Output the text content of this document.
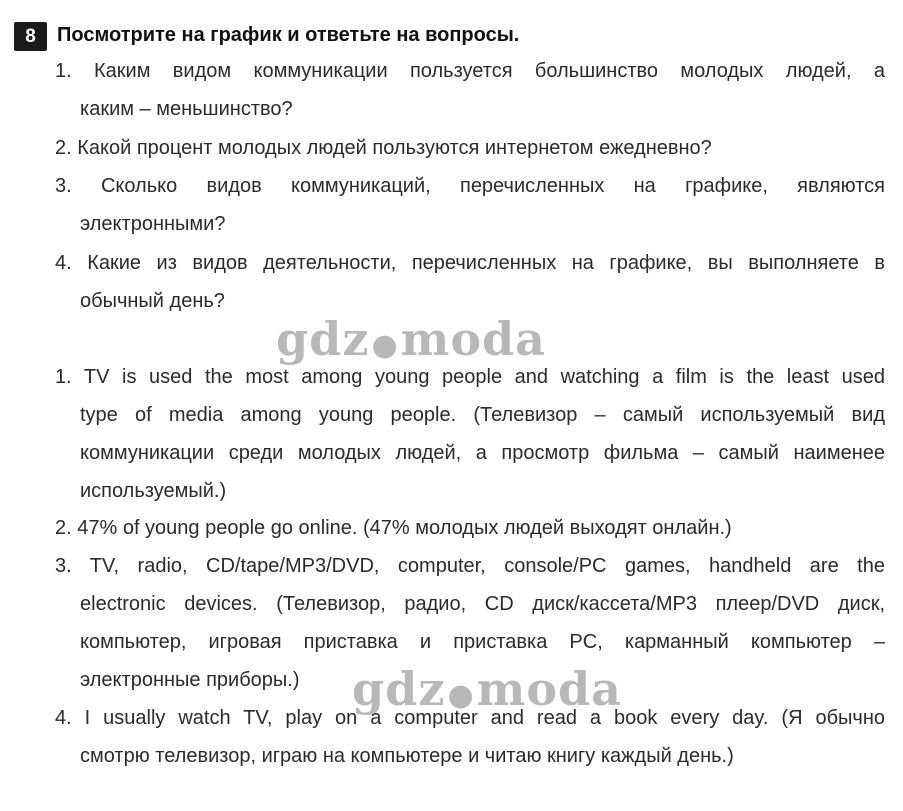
8	Посмотрите на график и ответьте на вопросы.
1. Каким видом коммуникации пользуется большинство молодых людей, а
каким – меньшинство?
2. Какой процент молодых людей пользуются интернетом ежедневно?
3. Сколько видов коммуникаций, перечисленных на графике, являются
электронными?
4. Какие из видов деятельности, перечисленных на графике, вы выполняете в
обычный день?
gdz●moda
1. TV is used the most among young people and watching a film is the least used
type of media among young people. (Телевизор – самый используемый вид
коммуникации среди молодых людей, а просмотр фильма – самый наименее
используемый.)
2. 47% of young people go online. (47% молодых людей выходят онлайн.)
3. TV, radio, CD/tape/MP3/DVD, computer, console/PC games, handheld are the
electronic devices. (Телевизор, радио, CD диск/кассета/MP3 плеер/DVD диск,
компьютер, игровая приставка и приставка PC, карманный компьютер –
электронные приборы.)
4. I usually watch TV, play on a computer and read a book every day. (Я обычно
смотрю телевизор, играю на компьютере и читаю книгу каждый день.)
gdz●moda
